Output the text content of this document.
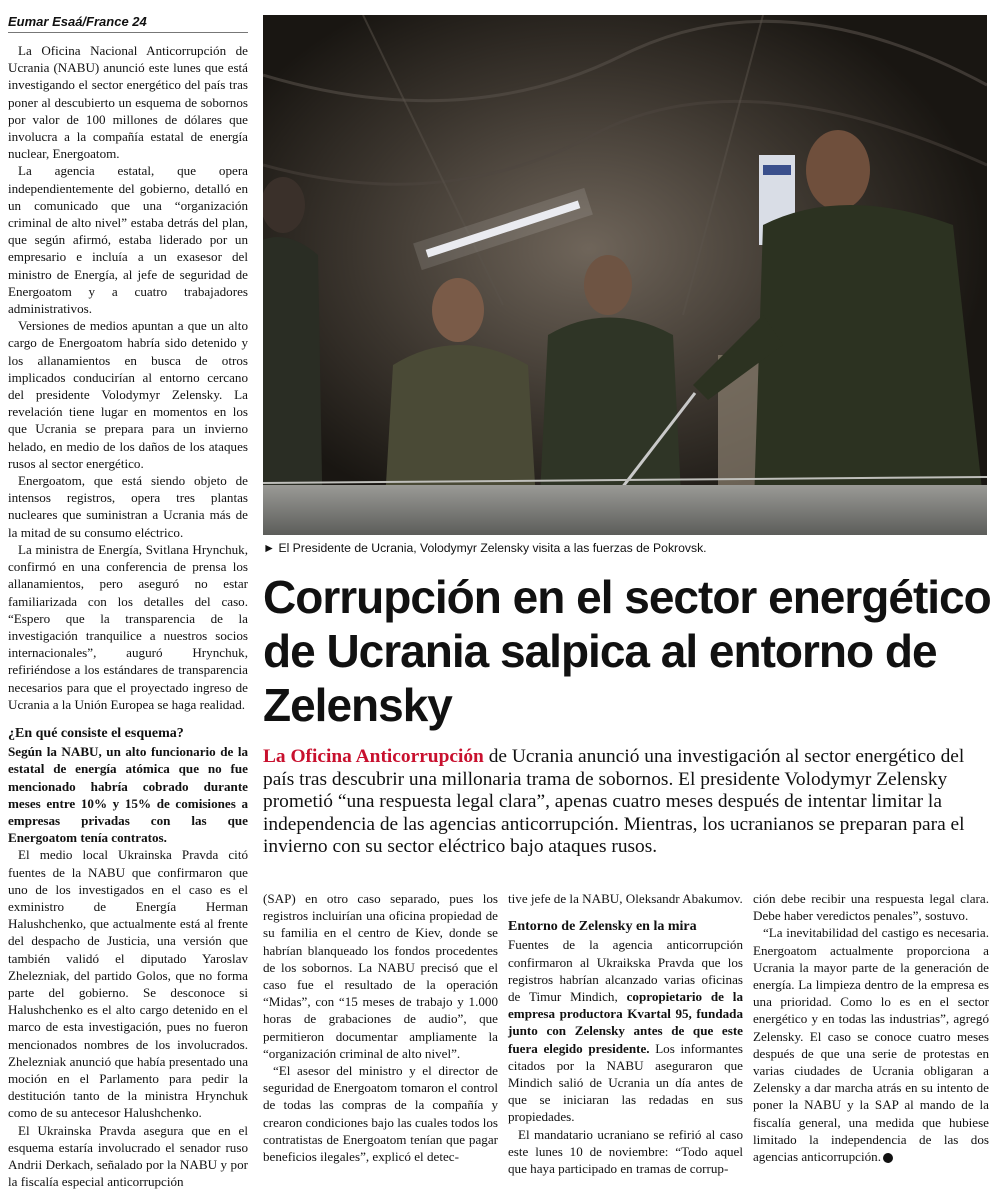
Eumar Esaá/France 24

La Oficina Nacional Anticorrupción de Ucrania (NABU) anunció este lunes que está investigando el sector energético del país tras poner al descubierto un esquema de sobornos por valor de 100 millones de dólares que involucra a la compañía estatal de energía nuclear, Energoatom.

La agencia estatal, que opera independientemente del gobierno, detalló en un comunicado que una “organización criminal de alto nivel” estaba detrás del plan, que según afirmó, estaba liderado por un empresario e incluía a un exasesor del ministro de Energía, al jefe de seguridad de Energoatom y a cuatro trabajadores administrativos.

Versiones de medios apuntan a que un alto cargo de Energoatom habría sido detenido y los allanamientos en busca de otros implicados conducirían al entorno cercano del presidente Volodymyr Zelensky. La revelación tiene lugar en momentos en los que Ucrania se prepara para un invierno helado, en medio de los daños de los ataques rusos al sector energético.

Energoatom, que está siendo objeto de intensos registros, opera tres plantas nucleares que suministran a Ucrania más de la mitad de su consumo eléctrico.

La ministra de Energía, Svitlana Hrynchuk, confirmó en una conferencia de prensa los allanamientos, pero aseguró no estar familiarizada con los detalles del caso. “Espero que la transparencia de la investigación tranquilice a nuestros socios internacionales”, auguró Hrynchuk, refiriéndose a los estándares de transparencia necesarios para que el proyectado ingreso de Ucrania a la Unión Europea se haga realidad.

¿En qué consiste el esquema?

Según la NABU, un alto funcionario de la estatal de energía atómica que no fue mencionado habría cobrado durante meses entre 10% y 15% de comisiones a empresas privadas con las que Energoatom tenía contratos.

El medio local Ukrainska Pravda citó fuentes de la NABU que confirmaron que uno de los investigados en el caso es el exministro de Energía Herman Halushchenko, que actualmente está al frente del despacho de Justicia, una versión que también validó el diputado Yaroslav Zhelezniak, del partido Golos, que no forma parte del gobierno. Se desconoce si Halushchenko es el alto cargo detenido en el marco de esta investigación, pues no fueron mencionados nombres de los involucrados. Zhelezniak anunció que había presentado una moción en el Parlamento para pedir la destitución tanto de la ministra Hrynchuk como de su antecesor Halushchenko.

El Ukrainska Pravda asegura que en el esquema estaría involucrado el senador ruso Andrii Derkach, señalado por la NABU y por la fiscalía especial anticorrupción

► El Presidente de Ucrania, Volodymyr Zelensky visita a las fuerzas de Pokrovsk.
Corrupción en el sector energético de Ucrania salpica al entorno de Zelensky
La Oficina Anticorrupción de Ucrania anunció una investigación al sector energético del país tras descubrir una millonaria trama de sobornos. El presidente Volodymyr Zelensky prometió “una respuesta legal clara”, apenas cuatro meses después de intentar limitar la independencia de las agencias anticorrupción. Mientras, los ucranianos se preparan para el invierno con su sector eléctrico bajo ataques rusos.

(SAP) en otro caso separado, pues los registros incluirían una oficina propiedad de su familia en el centro de Kiev, donde se habrían blanqueado los fondos procedentes de los sobornos. La NABU precisó que el caso fue el resultado de la operación “Midas”, con “15 meses de trabajo y 1.000 horas de grabaciones de audio”, que permitieron documentar ampliamente la “organización criminal de alto nivel”.

“El asesor del ministro y el director de seguridad de Energoatom tomaron el control de todas las compras de la compañía y crearon condiciones bajo las cuales todos los contratistas de Energoatom tenían que pagar beneficios ilegales”, explicó el detec-

tive jefe de la NABU, Oleksandr Abakumov.

Entorno de Zelensky en la mira

Fuentes de la agencia anticorrupción confirmaron al Ukraikska Pravda que los registros habrían alcanzado varias oficinas de Timur Mindich, copropietario de la empresa productora Kvartal 95, fundada junto con Zelensky antes de que este fuera elegido presidente. Los informantes citados por la NABU aseguraron que Mindich salió de Ucrania un día antes de que se iniciaran las redadas en sus propiedades.

El mandatario ucraniano se refirió al caso este lunes 10 de noviembre: “Todo aquel que haya participado en tramas de corrup-

ción debe recibir una respuesta legal clara. Debe haber veredictos penales”, sostuvo.

“La inevitabilidad del castigo es necesaria. Energoatom actualmente proporciona a Ucrania la mayor parte de la generación de energía. La limpieza dentro de la empresa es una prioridad. Como lo es en el sector energético y en todas las industrias”, agregó Zelensky. El caso se conoce cuatro meses después de que una serie de protestas en varias ciudades de Ucrania obligaran a Zelensky a dar marcha atrás en su intento de poner la NABU y la SAP al mando de la fiscalía general, una medida que hubiese limitado la independencia de las dos agencias anticorrupción.
